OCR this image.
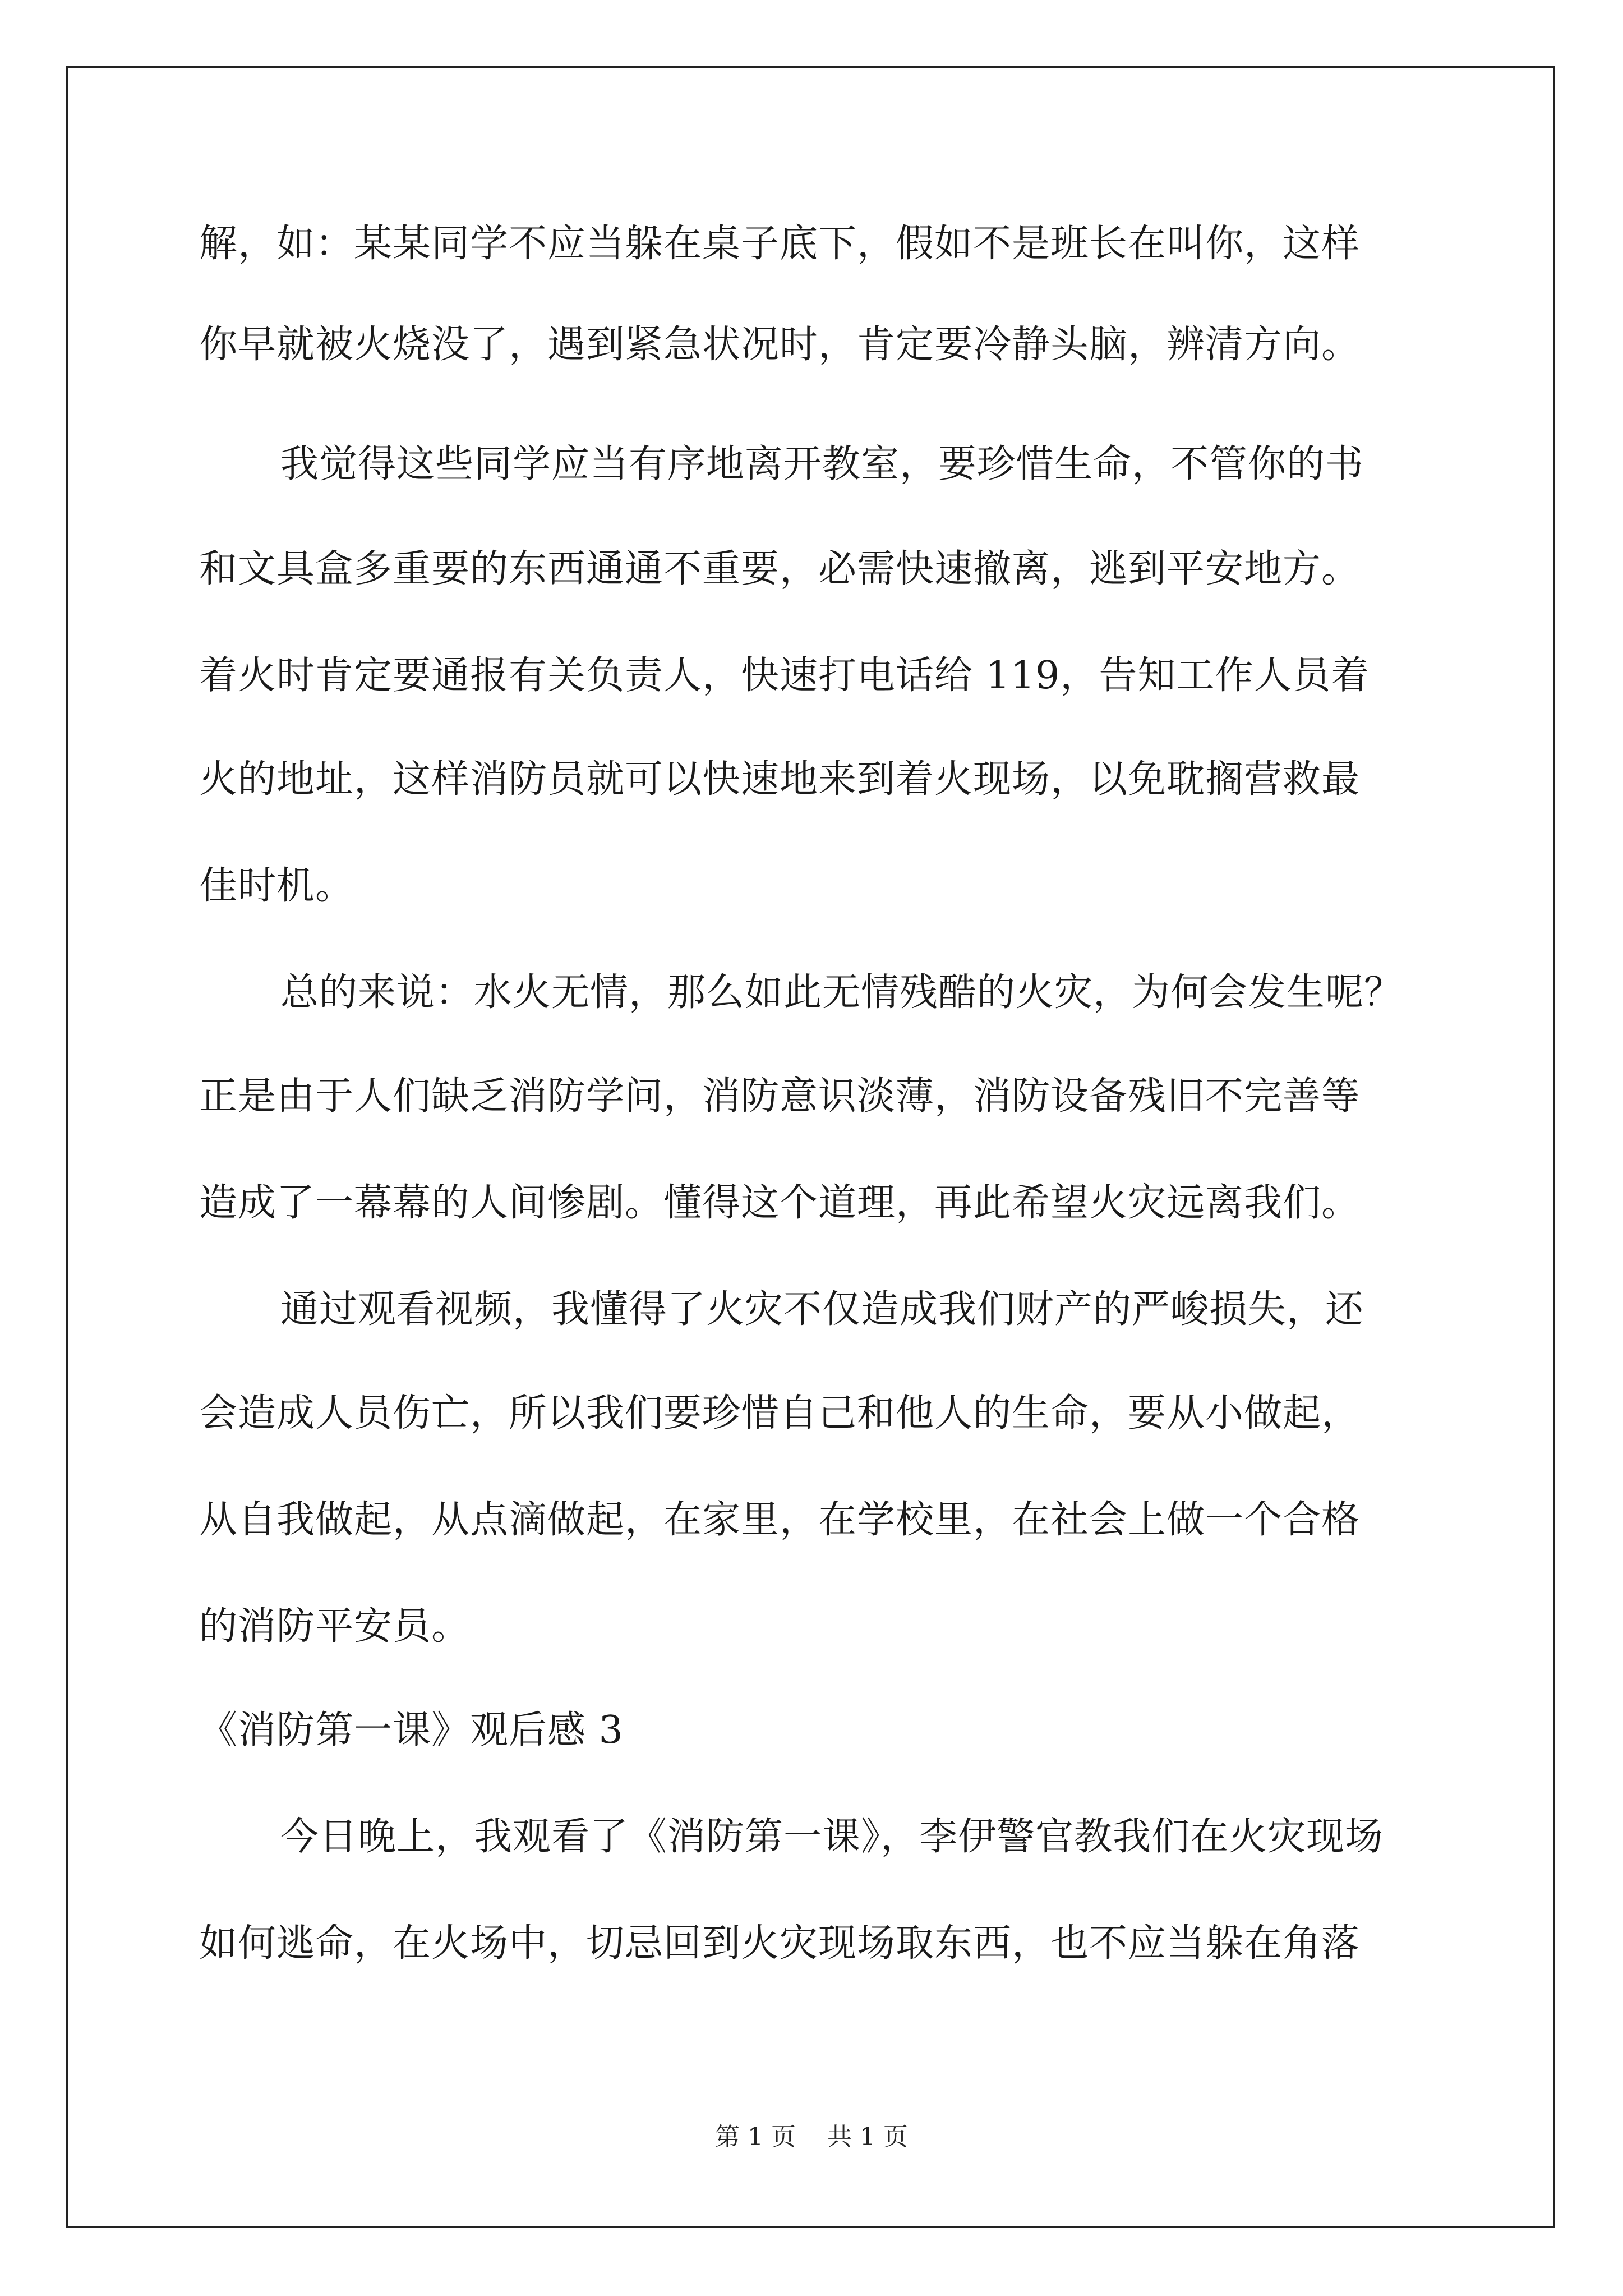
解，如：某某同学不应当躲在桌子底下，假如不是班长在叫你，这样
你早就被火烧没了，遇到紧急状况时，肯定要冷静头脑，辨清方向。
我觉得这些同学应当有序地离开教室，要珍惜生命，不管你的书
和文具盒多重要的东西通通不重要，必需快速撤离，逃到平安地方。
着火时肯定要通报有关负责人，快速打电话给 119，告知工作人员着
火的地址，这样消防员就可以快速地来到着火现场，以免耽搁营救最
佳时机。
总的来说：水火无情，那么如此无情残酷的火灾，为何会发生呢？
正是由于人们缺乏消防学问，消防意识淡薄，消防设备残旧不完善等
造成了一幕幕的人间惨剧。懂得这个道理，再此希望火灾远离我们。
通过观看视频，我懂得了火灾不仅造成我们财产的严峻损失，还
会造成人员伤亡，所以我们要珍惜自己和他人的生命，要从小做起，
从自我做起，从点滴做起，在家里，在学校里，在社会上做一个合格
的消防平安员。
《消防第一课》观后感 3
今日晚上，我观看了《消防第一课》，李伊警官教我们在火灾现场
如何逃命，在火场中，切忌回到火灾现场取东西，也不应当躲在角落
第 1 页 共 1 页
